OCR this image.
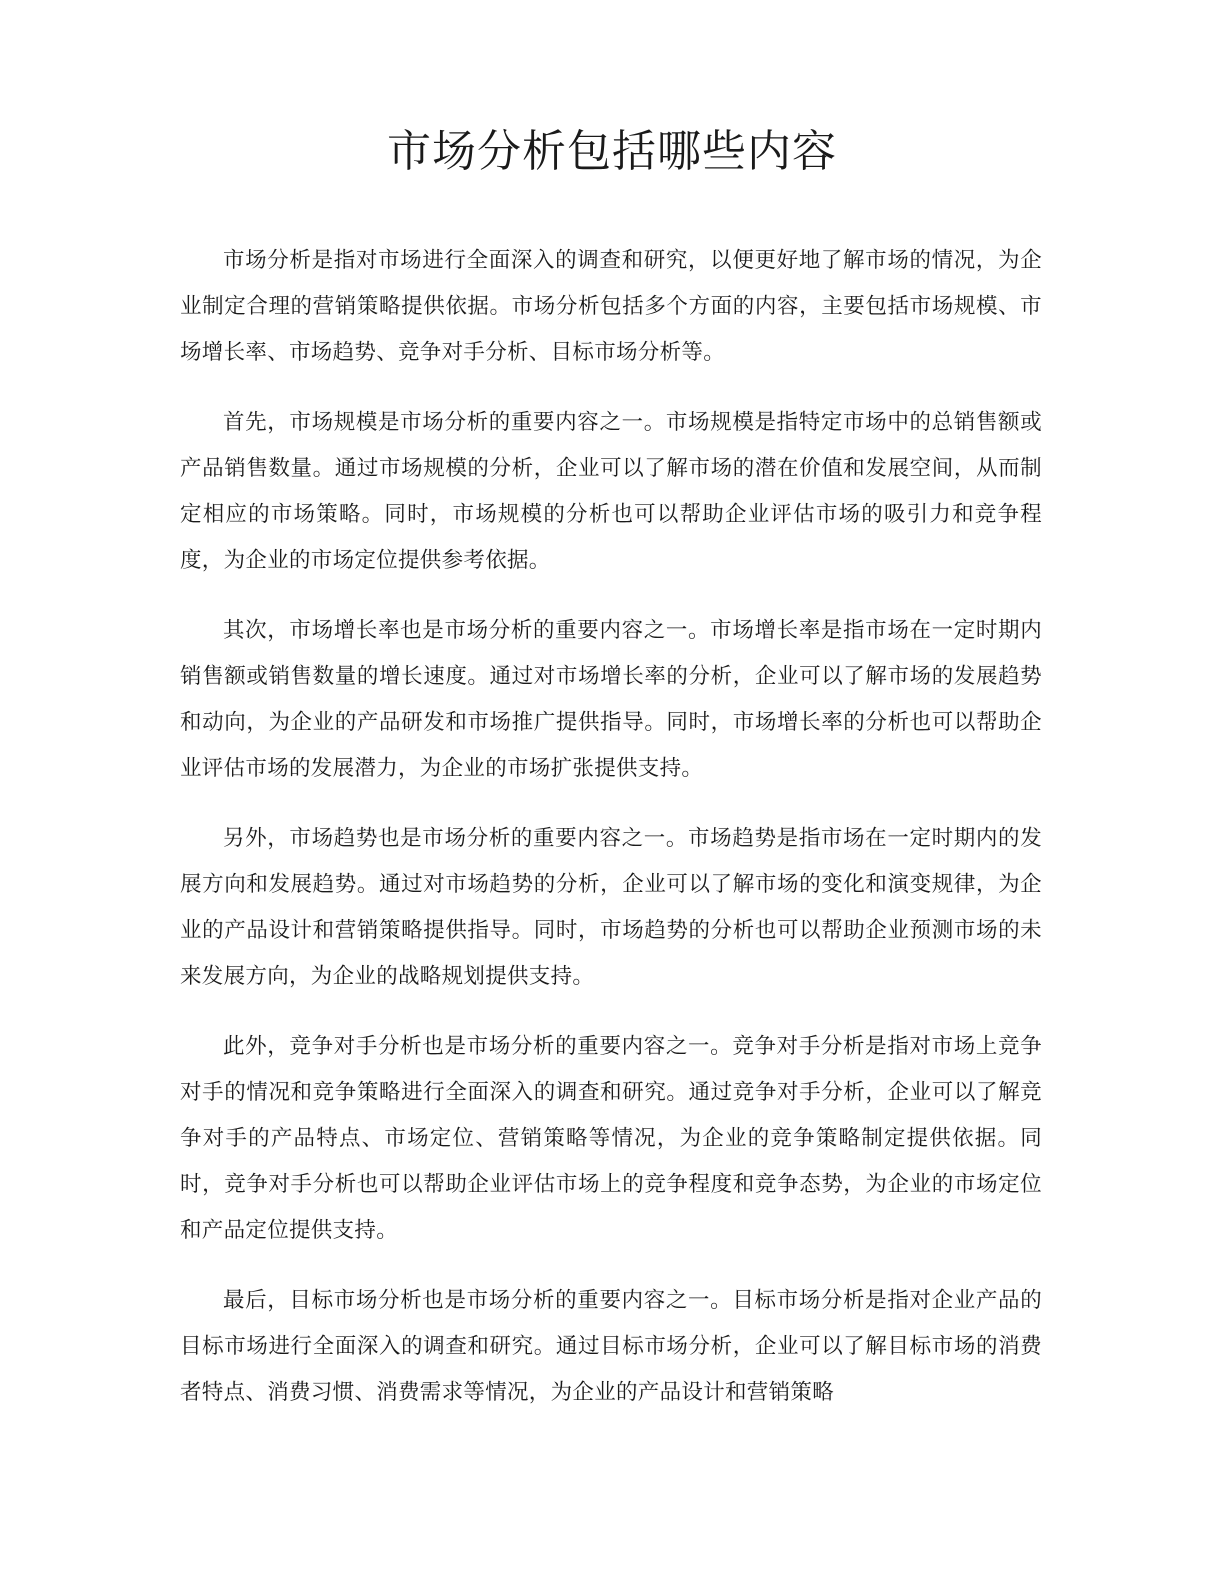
市场分析包括哪些内容

市场分析是指对市场进行全面深入的调查和研究，以便更好地了解市场的情况，为企业制定合理的营销策略提供依据。市场分析包括多个方面的内容，主要包括市场规模、市场增长率、市场趋势、竞争对手分析、目标市场分析等。

首先，市场规模是市场分析的重要内容之一。市场规模是指特定市场中的总销售额或产品销售数量。通过市场规模的分析，企业可以了解市场的潜在价值和发展空间，从而制定相应的市场策略。同时，市场规模的分析也可以帮助企业评估市场的吸引力和竞争程度，为企业的市场定位提供参考依据。

其次，市场增长率也是市场分析的重要内容之一。市场增长率是指市场在一定时期内销售额或销售数量的增长速度。通过对市场增长率的分析，企业可以了解市场的发展趋势和动向，为企业的产品研发和市场推广提供指导。同时，市场增长率的分析也可以帮助企业评估市场的发展潜力，为企业的市场扩张提供支持。

另外，市场趋势也是市场分析的重要内容之一。市场趋势是指市场在一定时期内的发展方向和发展趋势。通过对市场趋势的分析，企业可以了解市场的变化和演变规律，为企业的产品设计和营销策略提供指导。同时，市场趋势的分析也可以帮助企业预测市场的未来发展方向，为企业的战略规划提供支持。

此外，竞争对手分析也是市场分析的重要内容之一。竞争对手分析是指对市场上竞争对手的情况和竞争策略进行全面深入的调查和研究。通过竞争对手分析，企业可以了解竞争对手的产品特点、市场定位、营销策略等情况，为企业的竞争策略制定提供依据。同时，竞争对手分析也可以帮助企业评估市场上的竞争程度和竞争态势，为企业的市场定位和产品定位提供支持。

最后，目标市场分析也是市场分析的重要内容之一。目标市场分析是指对企业产品的目标市场进行全面深入的调查和研究。通过目标市场分析，企业可以了解目标市场的消费者特点、消费习惯、消费需求等情况，为企业的产品设计和营销策略
